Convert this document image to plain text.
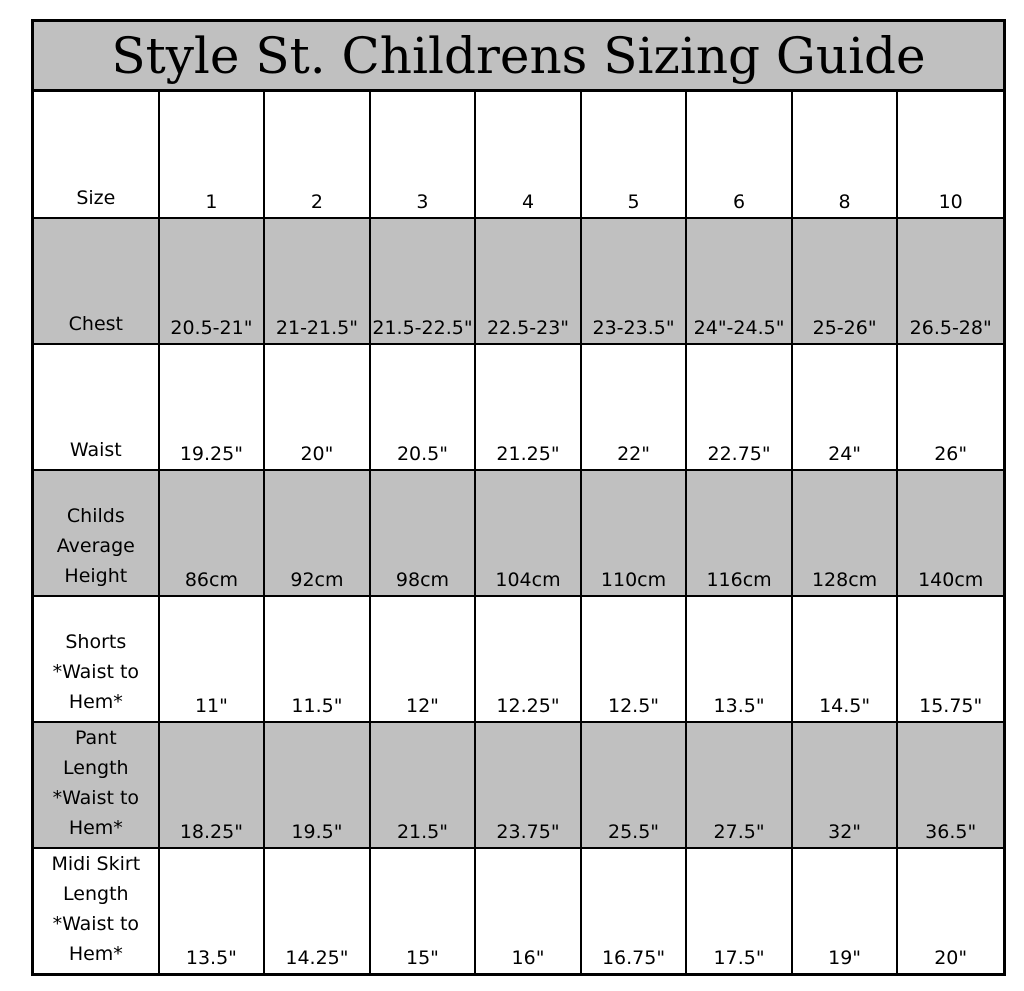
Style St. Childrens Sizing Guide
Size	1	2	3	4	5	6	8	10
Chest	20.5-21"	21-21.5"	21.5-22.5"	22.5-23"	23-23.5"	24"-24.5"	25-26"	26.5-28"
Waist	19.25"	20"	20.5"	21.25"	22"	22.75"	24"	26"
Childs
Average
Height	86cm	92cm	98cm	104cm	110cm	116cm	128cm	140cm
Shorts
*Waist to
Hem*	11"	11.5"	12"	12.25"	12.5"	13.5"	14.5"	15.75"
Pant
Length
*Waist to
Hem*	18.25"	19.5"	21.5"	23.75"	25.5"	27.5"	32"	36.5"
Midi Skirt
Length
*Waist to
Hem*	13.5"	14.25"	15"	16"	16.75"	17.5"	19"	20"
